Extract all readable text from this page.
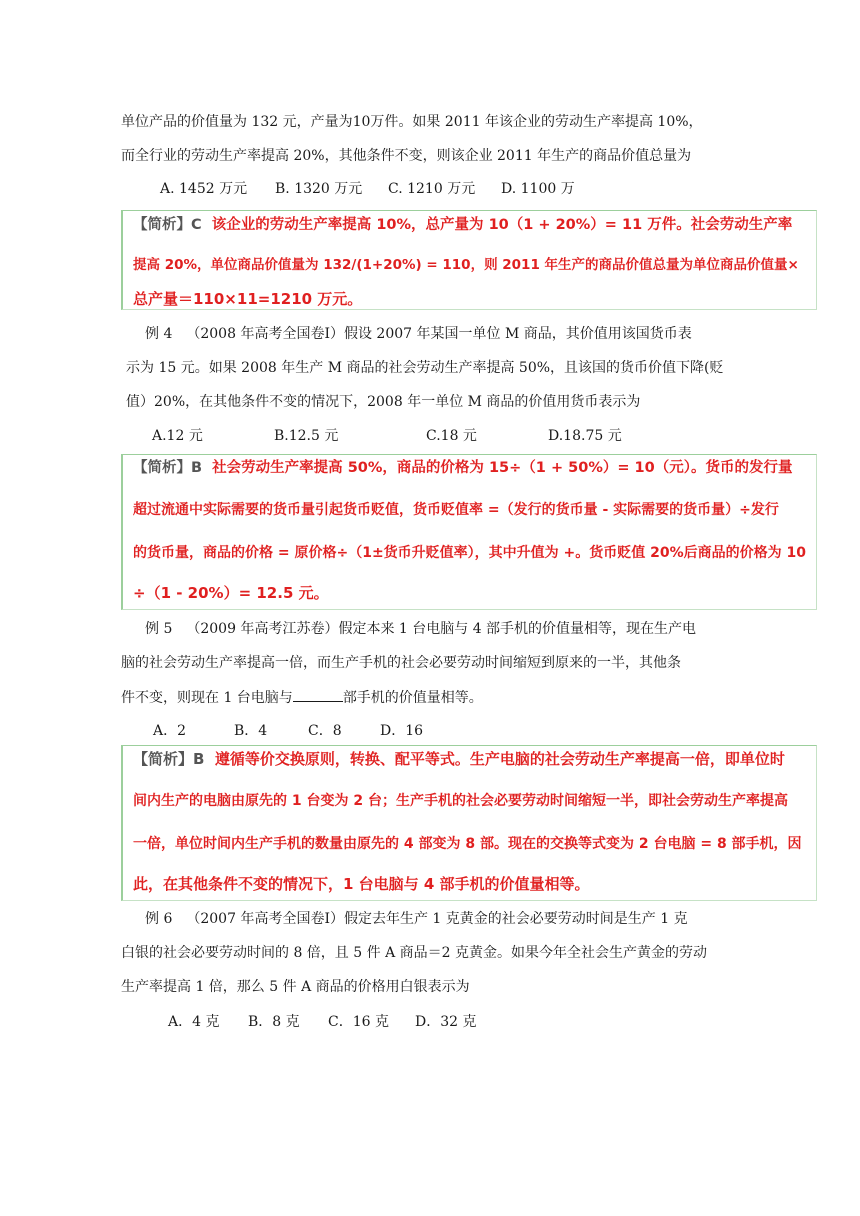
单位产品的价值量为 132 元，产量为10万件。如果 2011 年该企业的劳动生产率提高 10%，
而全行业的劳动生产率提高 20%，其他条件不变，则该企业 2011 年生产的商品价值总量为
A. 1452 万元 B. 1320 万元 C. 1210 万元 D. 1100 万
【简析】C 该企业的劳动生产率提高 10%，总产量为 10（1 + 20%）= 11 万件。社会劳动生产率
提高 20%，单位商品价值量为 132/(1+20%) = 110，则 2011 年生产的商品价值总量为单位商品价值量×
总产量＝110×11=1210 万元。
例 4 （2008 年高考全国卷Ⅰ）假设 2007 年某国一单位 M 商品，其价值用该国货币表
示为 15 元。如果 2008 年生产 M 商品的社会劳动生产率提高 50%，且该国的货币价值下降(贬
值）20%，在其他条件不变的情况下，2008 年一单位 M 商品的价值用货币表示为
A.12 元	B.12.5 元	C.18 元	D.18.75 元
【简析】B 社会劳动生产率提高 50%，商品的价格为 15÷（1 + 50%）= 10（元）。货币的发行量
超过流通中实际需要的货币量引起货币贬值，货币贬值率 =（发行的货币量 - 实际需要的货币量）÷发行
的货币量，商品的价格 = 原价格÷（1±货币升贬值率），其中升值为 +。货币贬值 20%后商品的价格为 10
÷（1 - 20%）= 12.5 元。
例 5 （2009 年高考江苏卷）假定本来 1 台电脑与 4 部手机的价值量相等，现在生产电
脑的社会劳动生产率提高一倍，而生产手机的社会必要劳动时间缩短到原来的一半，其他条
件不变，则现在 1 台电脑与	部手机的价值量相等。
A．2	B．4	C．8	D．16
【简析】B 遵循等价交换原则，转换、配平等式。生产电脑的社会劳动生产率提高一倍，即单位时
间内生产的电脑由原先的 1 台变为 2 台；生产手机的社会必要劳动时间缩短一半，即社会劳动生产率提高
一倍，单位时间内生产手机的数量由原先的 4 部变为 8 部。现在的交换等式变为 2 台电脑 = 8 部手机，因
此，在其他条件不变的情况下，1 台电脑与 4 部手机的价值量相等。
例 6 （2007 年高考全国卷Ⅰ）假定去年生产 1 克黄金的社会必要劳动时间是生产 1 克
白银的社会必要劳动时间的 8 倍，且 5 件 A 商品＝2 克黄金。如果今年全社会生产黄金的劳动
生产率提高 1 倍，那么 5 件 A 商品的价格用白银表示为
A．4 克 B．8 克 C．16 克 D．32 克
